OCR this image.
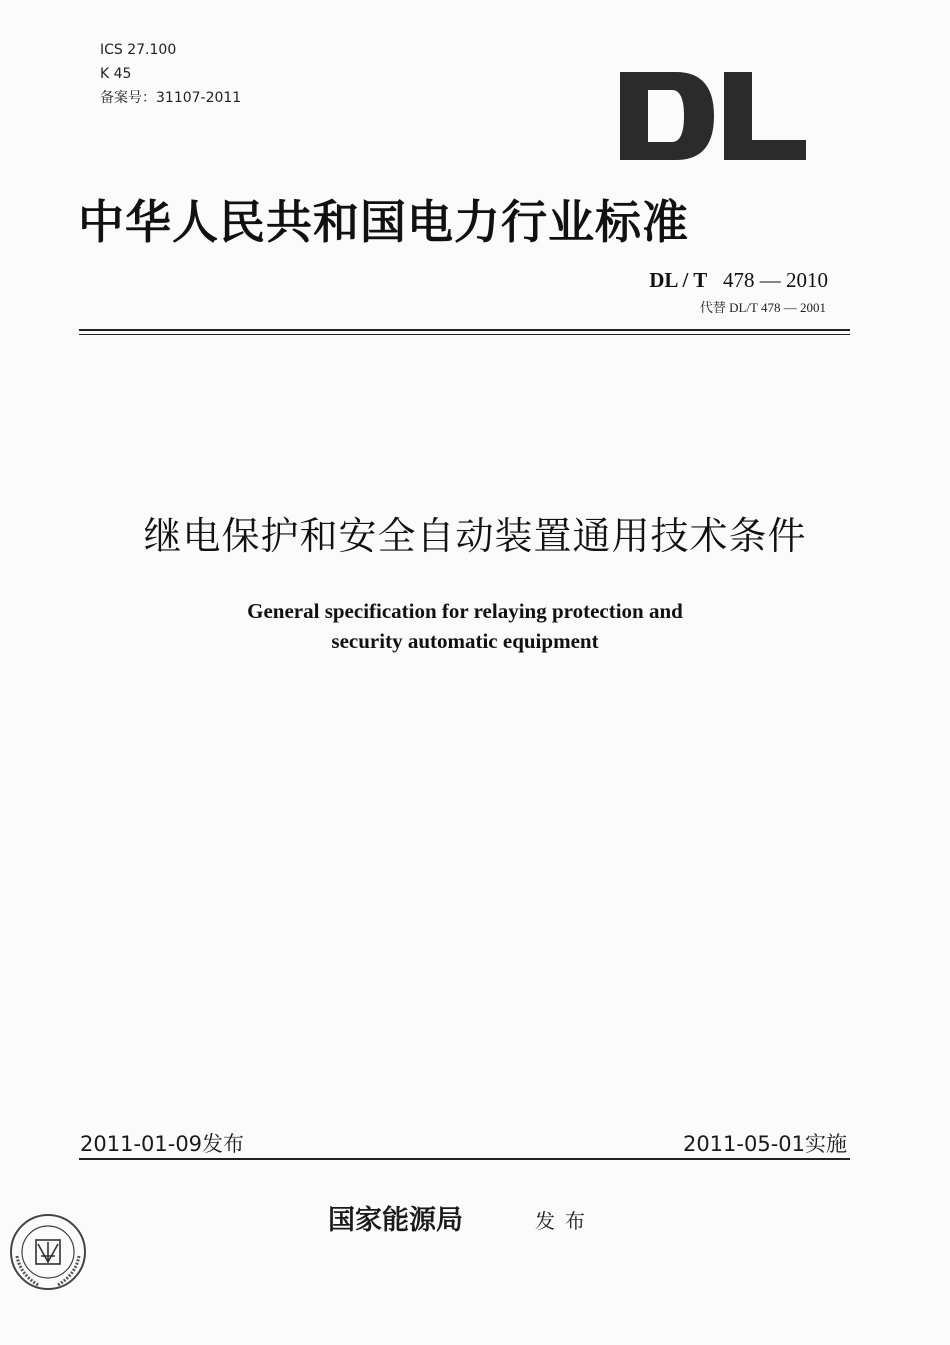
ICS 27.100
K 45
备案号：31107-2011
中华人民共和国电力行业标准
DL / T 478 — 2010
代替 DL/T 478 — 2001
继电保护和安全自动装置通用技术条件
General specification for relaying protection and
security automatic equipment
2011-01-09发布	2011-05-01实施
国家能源局	发布
